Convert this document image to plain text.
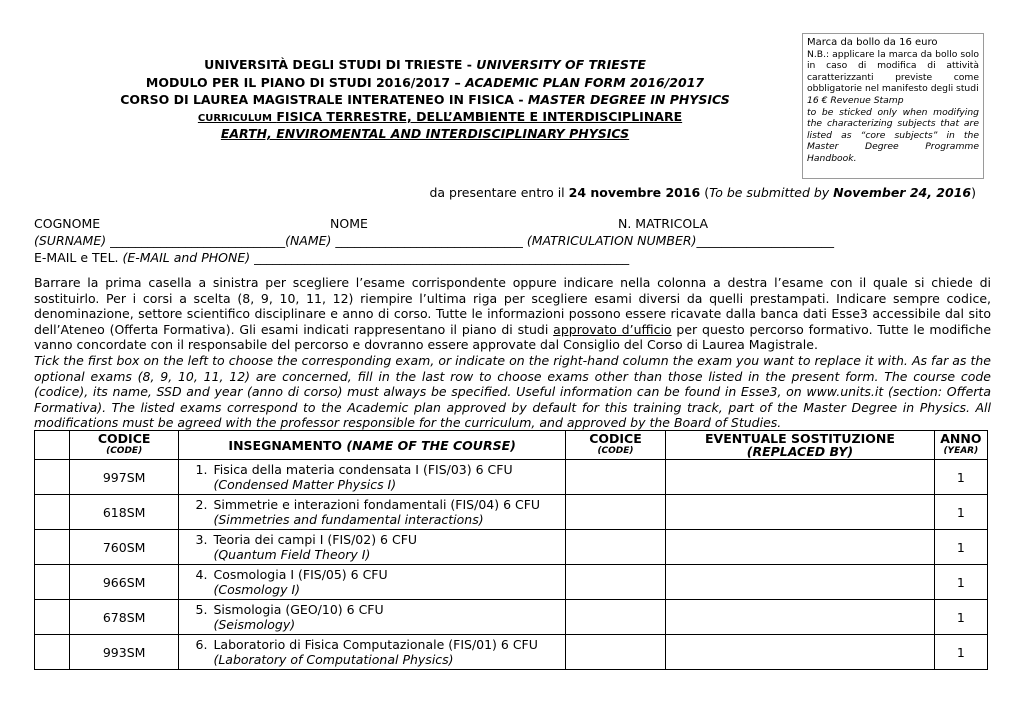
UNIVERSITÀ DEGLI STUDI DI TRIESTE - UNIVERSITY OF TRIESTE
MODULO PER IL PIANO DI STUDI 2016/2017 – ACADEMIC PLAN FORM 2016/2017
CORSO DI LAUREA MAGISTRALE INTERATENEO IN FISICA - MASTER DEGREE IN PHYSICS
CURRICULUM FISICA TERRESTRE, DELL’AMBIENTE E INTERDISCIPLINARE
EARTH, ENVIROMENTAL AND INTERDISCIPLINARY PHYSICS
Marca da bollo da 16 euro
N.B.: applicare la marca da bollo solo in caso di modifica di attività caratterizzanti previste come obbligatorie nel manifesto degli studi
16 € Revenue Stamp
to be sticked only when modifying the characterizing subjects that are listed as “core subjects” in the Master Degree Programme Handbook.
da presentare entro il 24 novembre 2016 (To be submitted by November 24, 2016)
COGNOME	NOME	N. MATRICOLA
(SURNAME) ____________________________(NAME) ______________________________ (MATRICULATION NUMBER)______________________
E-MAIL e TEL. (E-MAIL and PHONE) ____________________________________________________________

Barrare la prima casella a sinistra per scegliere l’esame corrispondente oppure indicare nella colonna a destra l’esame con il quale si chiede di sostituirlo. Per i corsi a scelta (8, 9, 10, 11, 12) riempire l’ultima riga per scegliere esami diversi da quelli prestampati. Indicare sempre codice, denominazione, settore scientifico disciplinare e anno di corso. Tutte le informazioni possono essere ricavate dalla banca dati Esse3 accessibile dal sito dell’Ateneo (Offerta Formativa). Gli esami indicati rappresentano il piano di studi approvato d’ufficio per questo percorso formativo. Tutte le modifiche vanno concordate con il responsabile del percorso e dovranno essere approvate dal Consiglio del Corso di Laurea Magistrale.

Tick the first box on the left to choose the corresponding exam, or indicate on the right-hand column the exam you want to replace it with. As far as the optional exams (8, 9, 10, 11, 12) are concerned, fill in the last row to choose exams other than those listed in the present form. The course code (codice), its name, SSD and year (anno di corso) must always be specified. Useful information can be found in Esse3, on www.units.it (section: Offerta Formativa). The listed exams correspond to the Academic plan approved by default for this training track, part of the Master Degree in Physics. All modifications must be agreed with the professor responsible for the curriculum, and approved by the Board of Studies.

	CODICE
(CODE)	INSEGNAMENTO (NAME OF THE COURSE)	CODICE
(CODE)	EVENTUALE SOSTITUZIONE (REPLACED BY)	ANNO
(YEAR)

	997SM	1. Fisica della materia condensata I (FIS/03) 6 CFU
(Condensed Matter Physics I)			1
	618SM	2. Simmetrie e interazioni fondamentali (FIS/04) 6 CFU
(Simmetries and fundamental interactions)			1
	760SM	3. Teoria dei campi I (FIS/02) 6 CFU
(Quantum Field Theory I)			1
	966SM	4. Cosmologia I (FIS/05) 6 CFU
(Cosmology I)			1
	678SM	5. Sismologia (GEO/10) 6 CFU
(Seismology)			1
	993SM	6. Laboratorio di Fisica Computazionale (FIS/01) 6 CFU
(Laboratory of Computational Physics)			1
